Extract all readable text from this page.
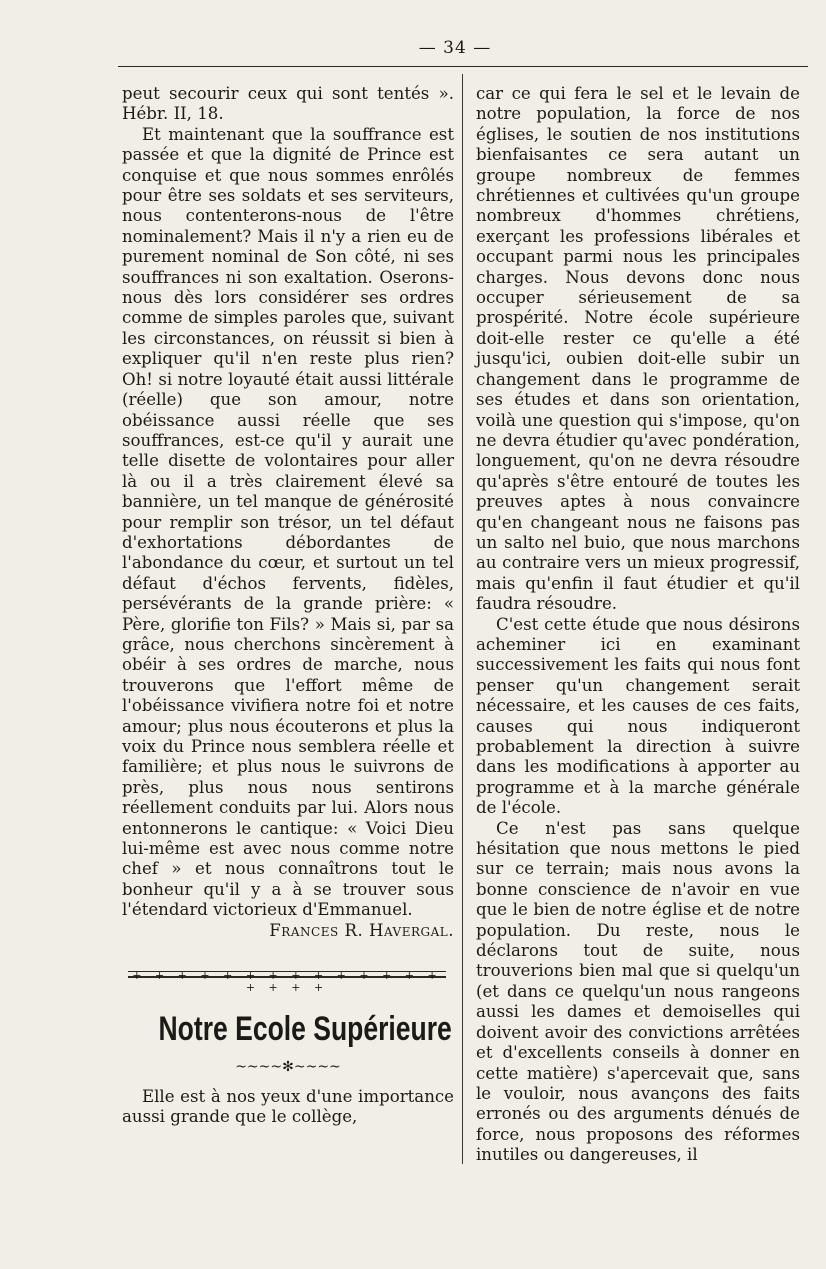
— 34 —

peut secourir ceux qui sont tentés ». Hébr. II, 18.

Et maintenant que la souffrance est passée et que la dignité de Prince est conquise et que nous sommes enrôlés pour être ses soldats et ses serviteurs, nous contenterons-nous de l'être nominalement? Mais il n'y a rien eu de purement nominal de Son côté, ni ses souffrances ni son exaltation. Oserons-nous dès lors considérer ses ordres comme de simples paroles que, suivant les circonstances, on réussit si bien à expliquer qu'il n'en reste plus rien? Oh! si notre loyauté était aussi littérale (réelle) que son amour, notre obéissance aussi réelle que ses souffrances, est-ce qu'il y aurait une telle disette de volontaires pour aller là ou il a très clairement élevé sa bannière, un tel manque de générosité pour remplir son trésor, un tel défaut d'exhortations débordantes de l'abondance du cœur, et surtout un tel défaut d'échos fervents, fidèles, persévérants de la grande prière: « Père, glorifie ton Fils? » Mais si, par sa grâce, nous cherchons sincèrement à obéir à ses ordres de marche, nous trouverons que l'effort même de l'obéissance vivifiera notre foi et notre amour; plus nous écouterons et plus la voix du Prince nous semblera réelle et familière; et plus nous le suivrons de près, plus nous nous sentirons réellement conduits par lui. Alors nous entonnerons le cantique: « Voici Dieu lui-même est avec nous comme notre chef » et nous connaîtrons tout le bonheur qu'il y a à se trouver sous l'étendard victorieux d'Emmanuel.

Frances R. Havergal.

+ + + + + + + + + + + + + + + + + +
Notre Ecole Supérieure
~~~~✻~~~~

Elle est à nos yeux d'une importance aussi grande que le collège,

car ce qui fera le sel et le levain de notre population, la force de nos églises, le soutien de nos institutions bienfaisantes ce sera autant un groupe nombreux de femmes chrétiennes et cultivées qu'un groupe nombreux d'hommes chrétiens, exerçant les professions libérales et occupant parmi nous les principales charges. Nous devons donc nous occuper sérieusement de sa prospérité. Notre école supérieure doit-elle rester ce qu'elle a été jusqu'ici, oubien doit-elle subir un changement dans le programme de ses études et dans son orientation, voilà une question qui s'impose, qu'on ne devra étudier qu'avec pondération, longuement, qu'on ne devra résoudre qu'après s'être entouré de toutes les preuves aptes à nous convaincre qu'en changeant nous ne faisons pas un salto nel buio, que nous marchons au contraire vers un mieux progressif, mais qu'enfin il faut étudier et qu'il faudra résoudre.

C'est cette étude que nous désirons acheminer ici en examinant successivement les faits qui nous font penser qu'un changement serait nécessaire, et les causes de ces faits, causes qui nous indiqueront probablement la direction à suivre dans les modifications à apporter au programme et à la marche générale de l'école.

Ce n'est pas sans quelque hésitation que nous mettons le pied sur ce terrain; mais nous avons la bonne conscience de n'avoir en vue que le bien de notre église et de notre population. Du reste, nous le déclarons tout de suite, nous trouverions bien mal que si quelqu'un (et dans ce quelqu'un nous rangeons aussi les dames et demoiselles qui doivent avoir des convictions arrêtées et d'excellents conseils à donner en cette matière) s'apercevait que, sans le vouloir, nous avançons des faits erronés ou des arguments dénués de force, nous proposons des réformes inutiles ou dangereuses, il
